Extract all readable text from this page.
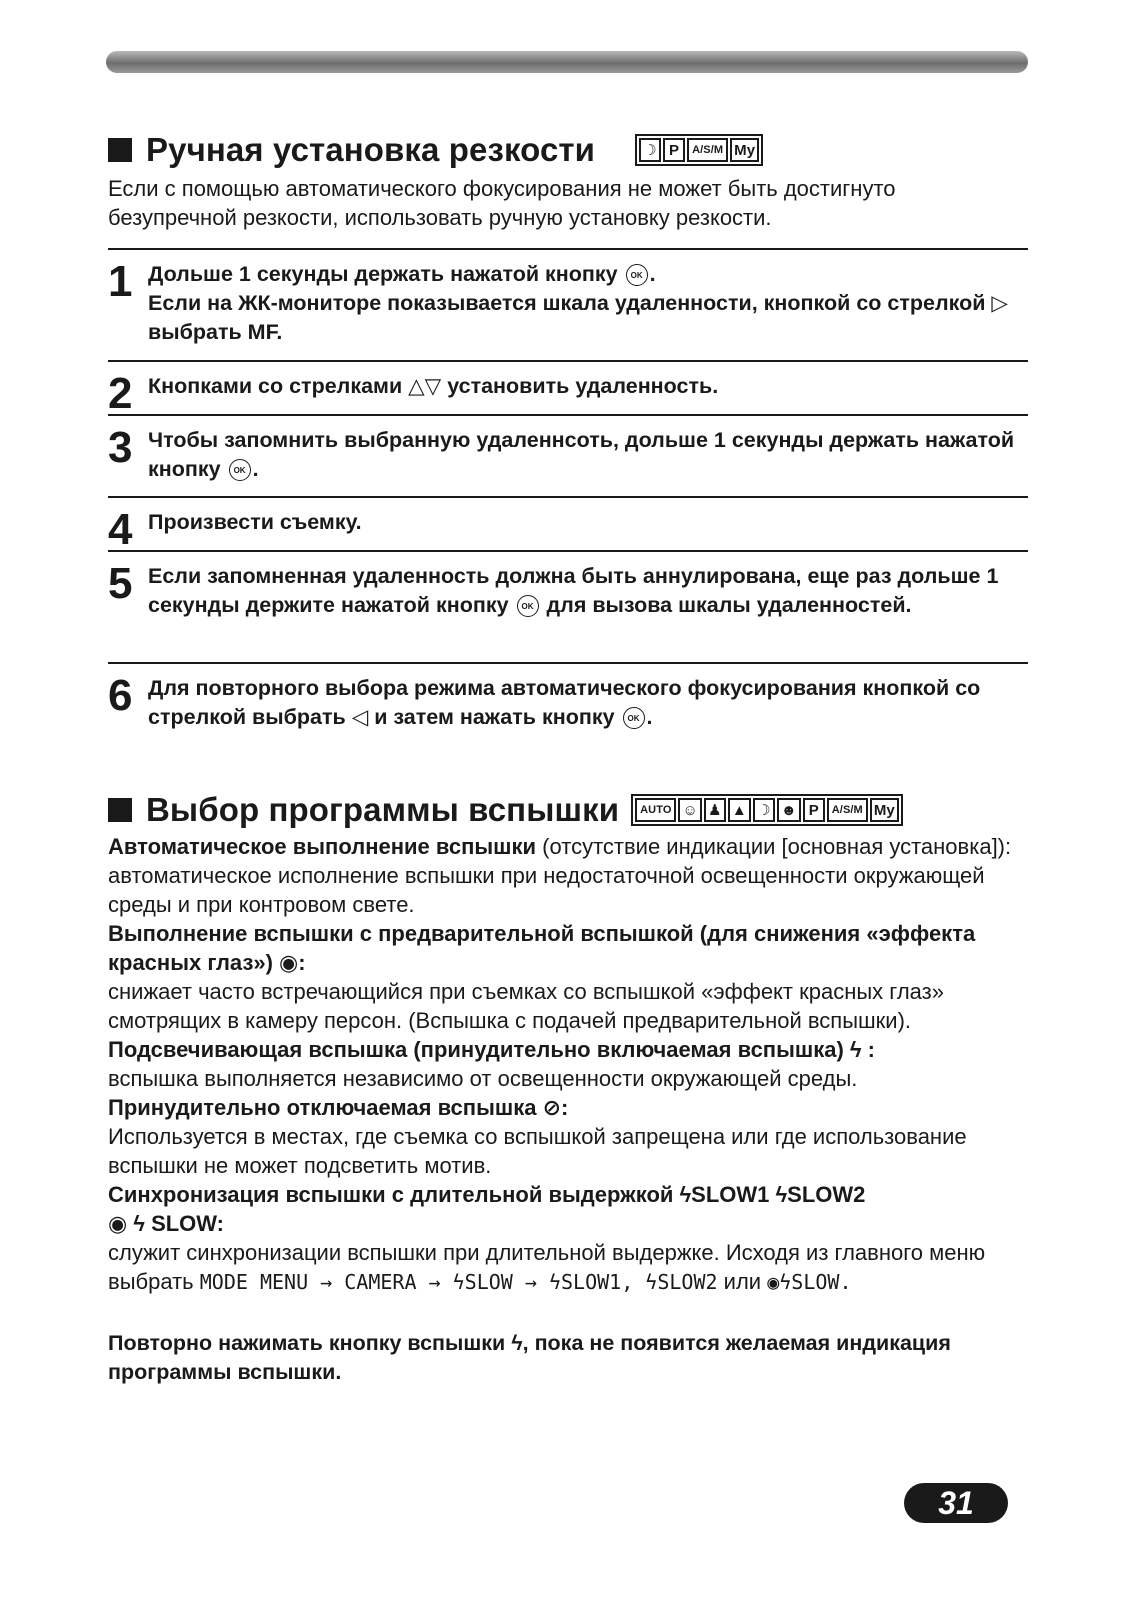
Ручная установка резкости	☽ P	A/S/M My
Если с помощью автоматического фокусирования не может быть достигнуто безупречной резкости, использовать ручную установку резкости.
1 Дольше 1 секунды держать нажатой кнопку OK .
Если на ЖК-мониторе показывается шкала удаленности, кнопкой со стрелкой ▷ выбрать MF.
2 Кнопками со стрелками △▽ установить удаленность.
3 Чтобы запомнить выбранную удаленнсоть, дольше 1 секунды держать нажатой кнопку OK .
4 Произвести съемку.
5 Если запомненная удаленность должна быть аннулирована, еще раз дольше 1 секунды держите нажатой кнопку OK для вызова шкалы удаленностей.
6 Для повторного выбора режима автоматического фокусирования кнопкой со стрелкой выбрать ◁ и затем нажать кнопку OK .
Выбор программы вспышки	AUTO ☺ ♟ ▲ ☽ ☻ P	A/S/M My
Автоматическое выполнение вспышки (отсутствие индикации [основная установка]):
автоматическое исполнение вспышки при недостаточной освещенности окружающей среды и при контровом свете.
Выполнение вспышки с предварительной вспышкой (для снижения «эффекта красных глаз») ◉:
снижает часто встречающийся при съемках со вспышкой «эффект красных глаз» смотрящих в камеру персон. (Вспышка с подачей предварительной вспышки).
Подсвечивающая вспышка (принудительно включаемая вспышка) ϟ :
вспышка выполняется независимо от освещенности окружающей среды.
Принудительно отключаемая вспышка ⊘:
Используется в местах, где съемка со вспышкой запрещена или где использование вспышки не может подсветить мотив.
Синхронизация вспышки с длительной выдержкой ϟSLOW1 ϟSLOW2
◉ ϟ SLOW:
служит синхронизации вспышки при длительной выдержке. Исходя из главного меню выбрать MODE MENU → CAMERA → ϟSLOW → ϟSLOW1, ϟSLOW2 или ◉ϟSLOW.
Повторно нажимать кнопку вспышки ϟ, пока не появится желаемая индикация программы вспышки.
31
